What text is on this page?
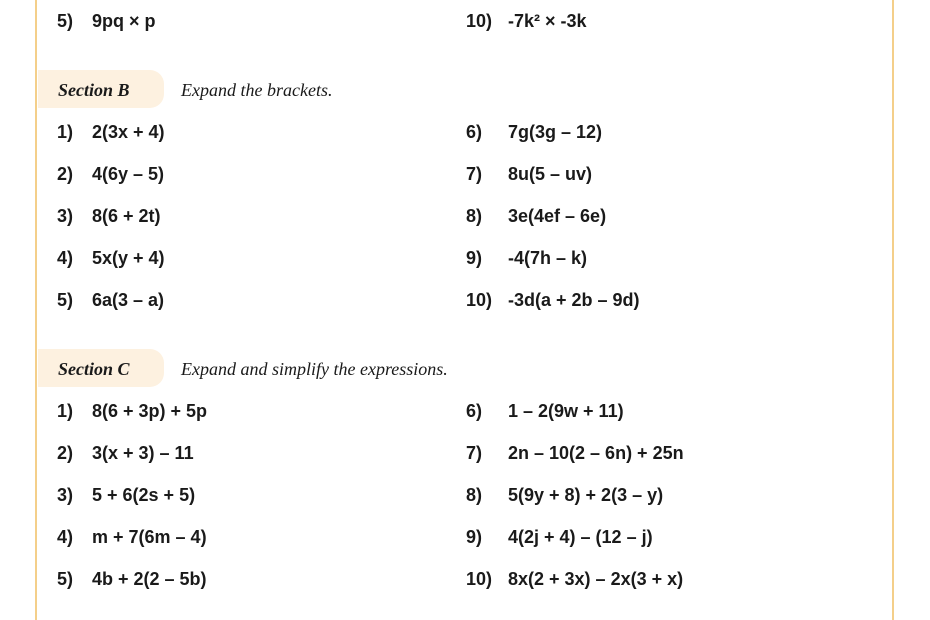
5) 9pq × p	10) -7k² × -3k
Section B	Expand the brackets.
1) 2(3x + 4)
2) 4(6y – 5)
3) 8(6 + 2t)
4) 5x(y + 4)
5) 6a(3 – a)
6) 7g(3g – 12)
7) 8u(5 – uv)
8) 3e(4ef – 6e)
9) -4(7h – k)
10) -3d(a + 2b – 9d)
Section C	Expand and simplify the expressions.
1) 8(6 + 3p) + 5p
2) 3(x + 3) – 11
3) 5 + 6(2s + 5)
4) m + 7(6m – 4)
5) 4b + 2(2 – 5b)
6) 1 – 2(9w + 11)
7) 2n – 10(2 – 6n) + 25n
8) 5(9y + 8) + 2(3 – y)
9) 4(2j + 4) – (12 – j)
10) 8x(2 + 3x) – 2x(3 + x)
